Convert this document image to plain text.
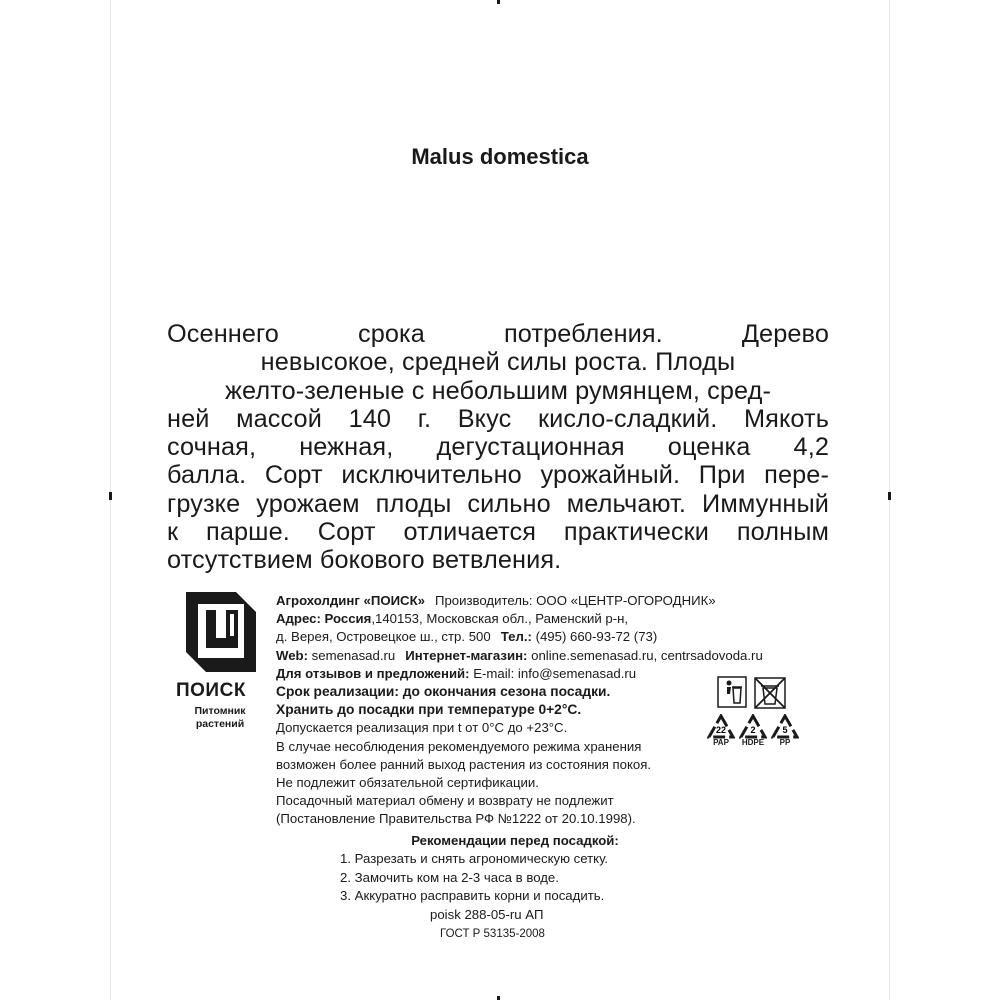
Malus domestica
Осеннего срока потребления. Дерево
невысокое, средней силы роста. Плоды
желто-зеленые с небольшим румянцем, сред-
ней массой 140 г. Вкус кисло-сладкий. Мякоть
сочная, нежная, дегустационная оценка 4,2
балла. Сорт исключительно урожайный. При пере-
грузке урожаем плоды сильно мельчают. Иммунный
к парше. Сорт отличается практически полным
отсутствием бокового ветвления.
ПОИСК
Питомник растений
Агрохолдинг «ПОИСК» Производитель: ООО «ЦЕНТР-ОГОРОДНИК»
Адрес: Россия,140153, Московская обл., Раменский р-н,
д. Верея, Островецкое ш., стр. 500 Тел.: (495) 660-93-72 (73)
Web: semenasad.ru Интернет-магазин: online.semenasad.ru, centrsadovoda.ru
Для отзывов и предложений: E-mail: info@semenasad.ru
Срок реализации: до окончания сезона посадки.
Хранить до посадки при температуре 0+2°С.
Допускается реализация при t от 0°С до +23°С.
В случае несоблюдения рекомендуемого режима хранения
возможен более ранний выход растения из состояния покоя.
Не подлежит обязательной сертификации.
Посадочный материал обмену и возврату не подлежит
(Постановление Правительства РФ №1222 от 20.10.1998).
22	2	5
PAP	HDPE	PP
Рекомендации перед посадкой:
1. Разрезать и снять агрономическую сетку.
2. Замочить ком на 2-3 часа в воде.
3. Аккуратно расправить корни и посадить.
poisk 288-05-ru АП
ГОСТ Р 53135-2008
